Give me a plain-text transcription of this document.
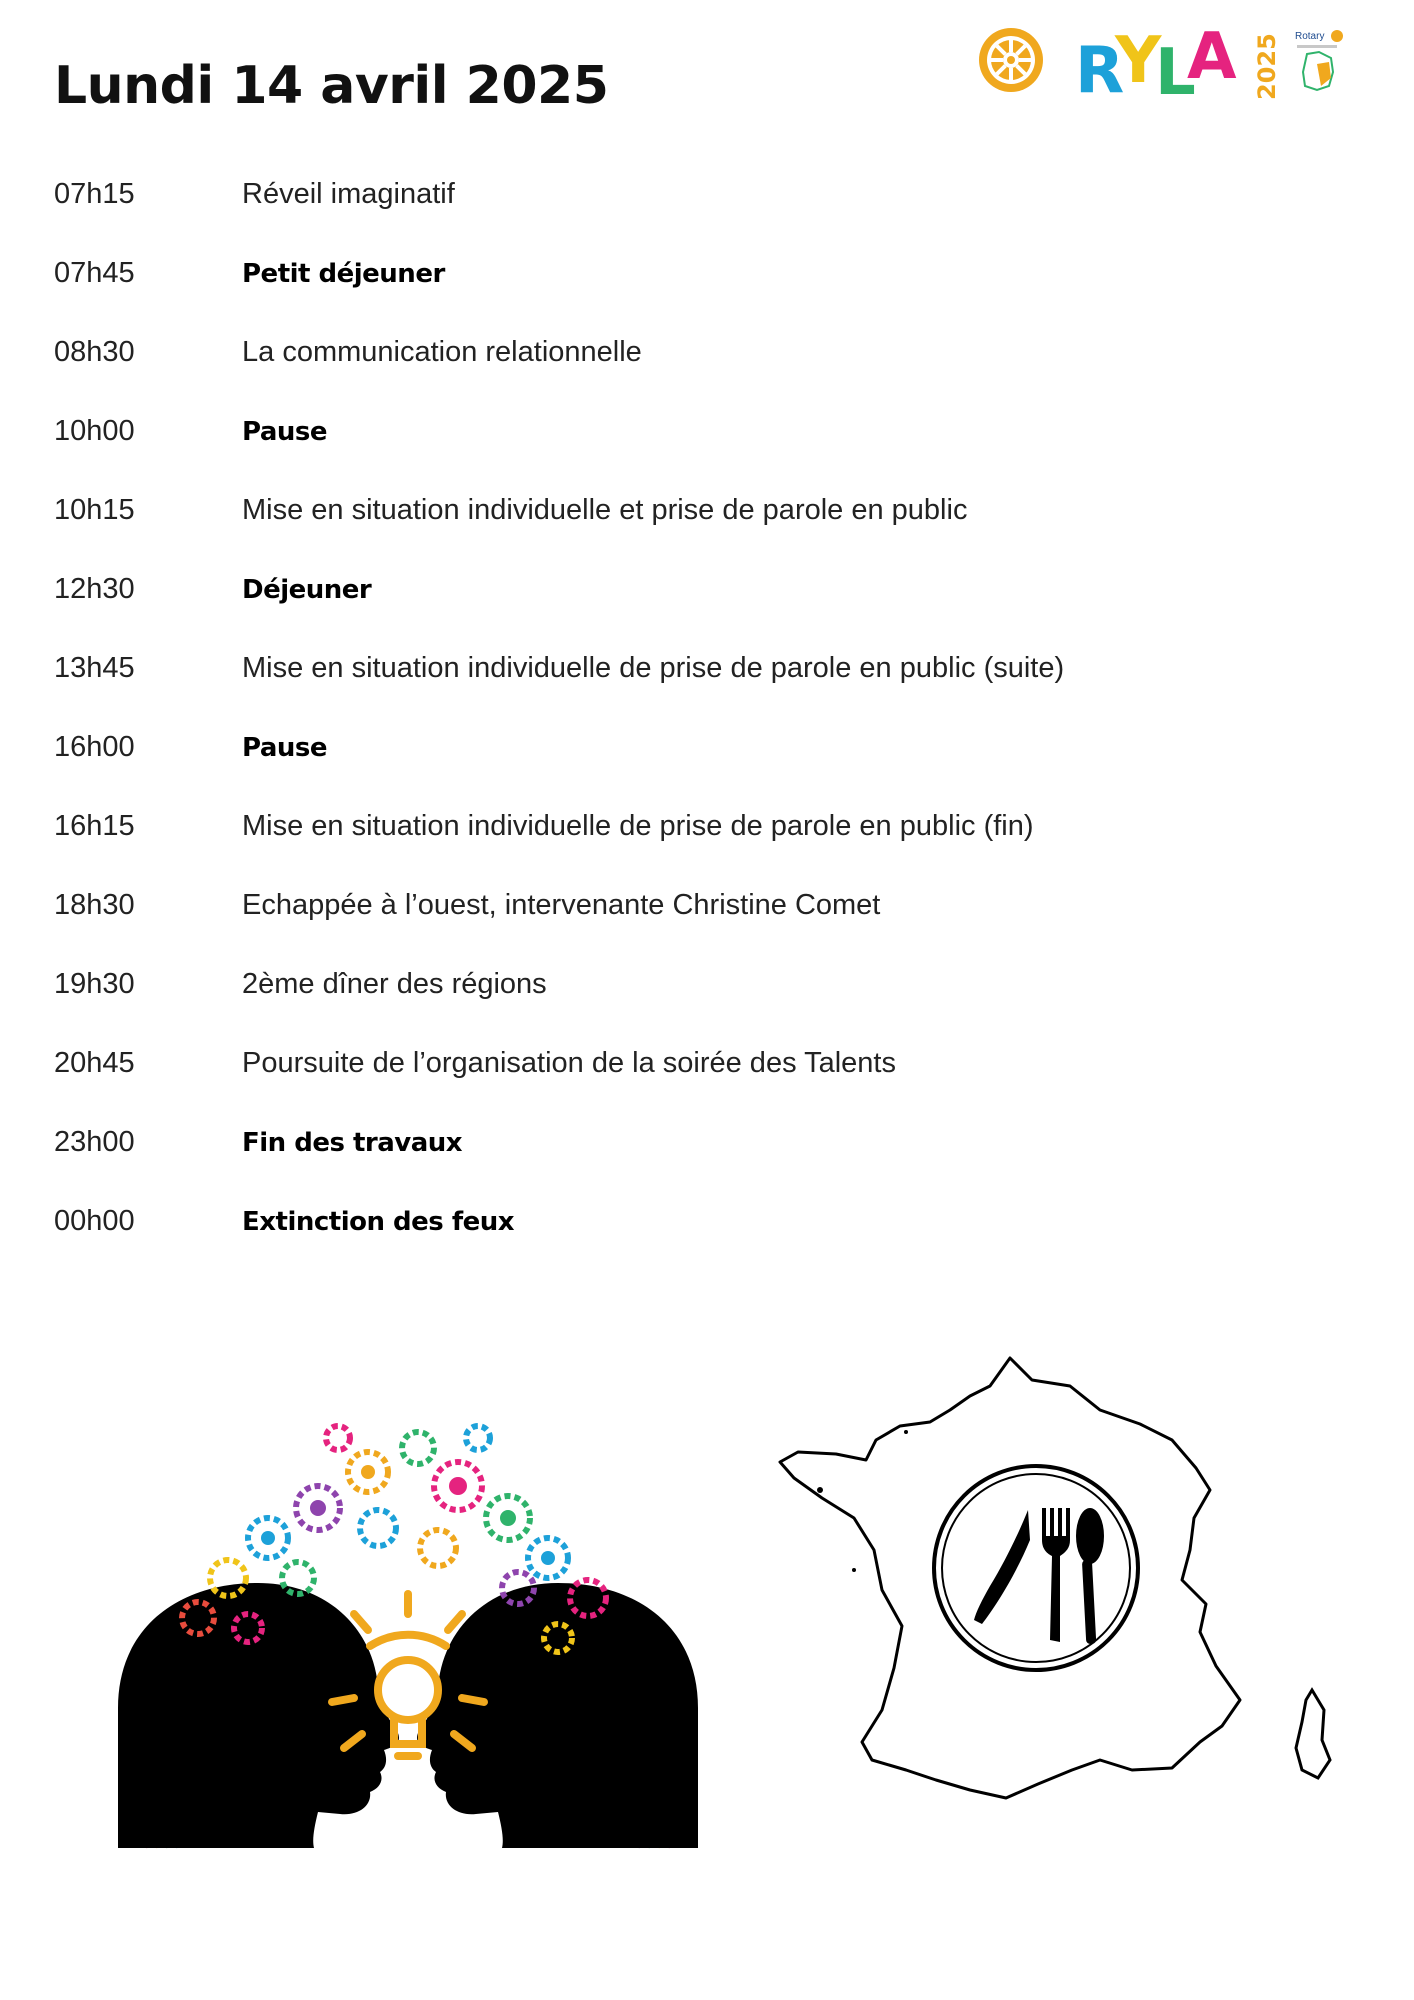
Lundi 14 avril 2025	R
Y
L
A 2025 Rotary
07h15	Réveil imaginatif
07h45	Petit déjeuner
08h30	La communication relationnelle
10h00	Pause
10h15	Mise en situation individuelle et prise de parole en public
12h30	Déjeuner
13h45	Mise en situation individuelle de prise de parole en public (suite)
16h00	Pause
16h15	Mise en situation individuelle de prise de parole en public (fin)
18h30	Echappée à l’ouest, intervenante Christine Comet
19h30	2ème dîner des régions
20h45	Poursuite de l’organisation de la soirée des Talents
23h00	Fin des travaux
00h00	Extinction des feux
